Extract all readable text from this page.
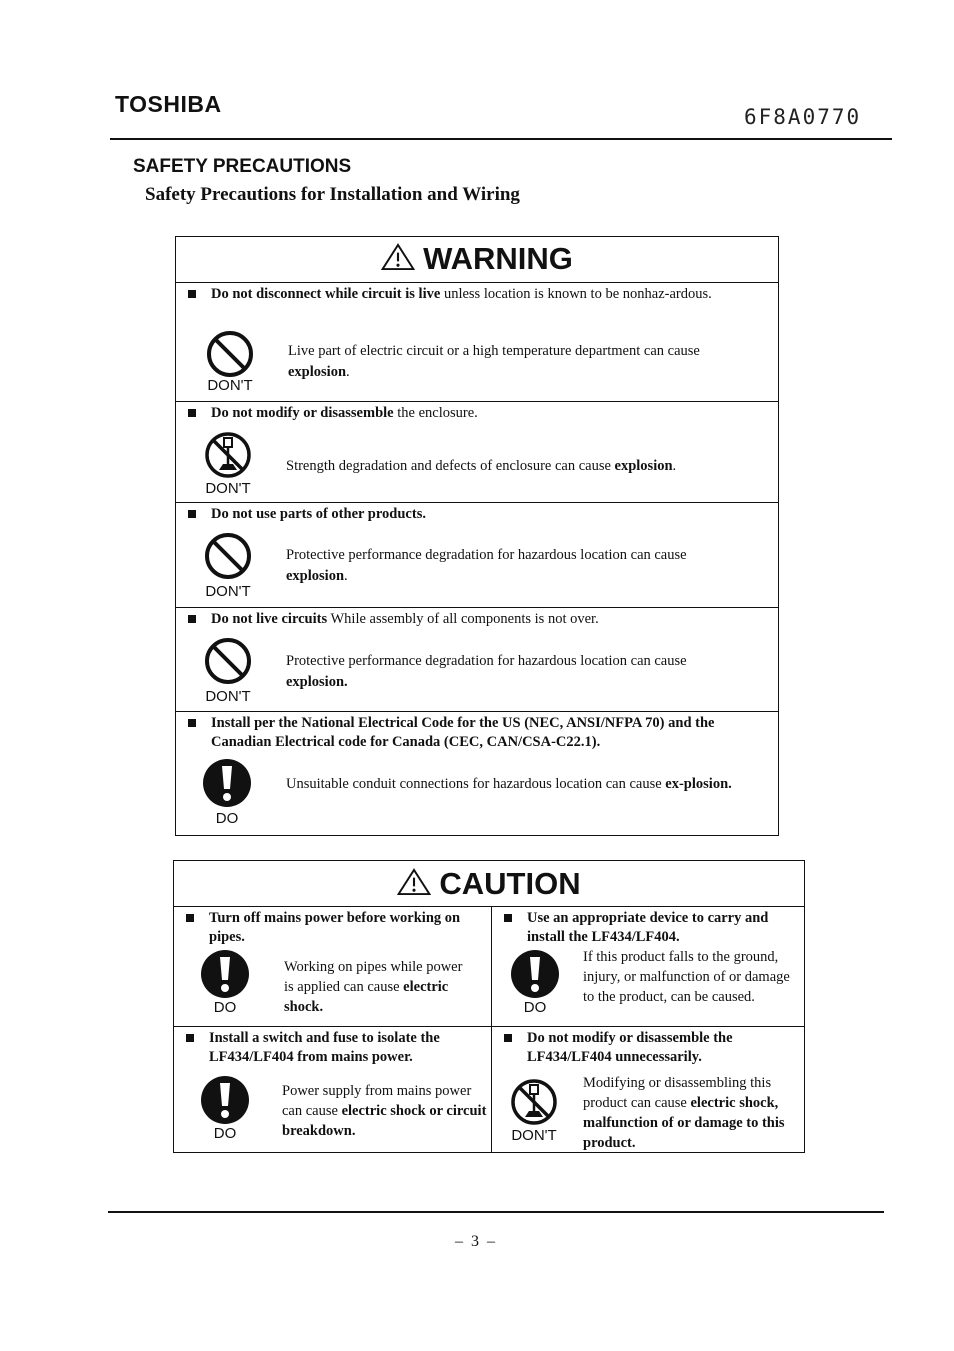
TOSHIBA	6F8A0770
SAFETY PRECAUTIONS
Safety Precautions for Installation and Wiring
WARNING
Do not disconnect while circuit is live unless location is known to be nonhaz-ardous.
DON'T
Live part of electric circuit or a high temperature department can cause
explosion.
Do not modify or disassemble the enclosure.
DON'T
Strength degradation and defects of enclosure can cause explosion.
Do not use parts of other products.
DON'T
Protective performance degradation for hazardous location can cause
explosion.
Do not live circuits While assembly of all components is not over.
DON'T
Protective performance degradation for hazardous location can cause
explosion.
Install per the National Electrical Code for the US (NEC, ANSI/NFPA 70) and the Canadian Electrical code for Canada (CEC, CAN/CSA-C22.1).
DO
Unsuitable conduit connections for hazardous location can cause ex-plosion.
CAUTION
Turn off mains power before working on pipes.
DO
Working on pipes while power is applied can cause electric shock.
Use an appropriate device to carry and install the LF434/LF404.
DO
If this product falls to the ground, injury, or malfunction of or damage to the product, can be caused.
Install a switch and fuse to isolate the LF434/LF404 from mains power.
DO
Power supply from mains power can cause electric shock or circuit breakdown.
Do not modify or disassemble the LF434/LF404 unnecessarily.
DON'T
Modifying or disassembling this product can cause electric shock, malfunction of or damage to this product.
– 3 –
